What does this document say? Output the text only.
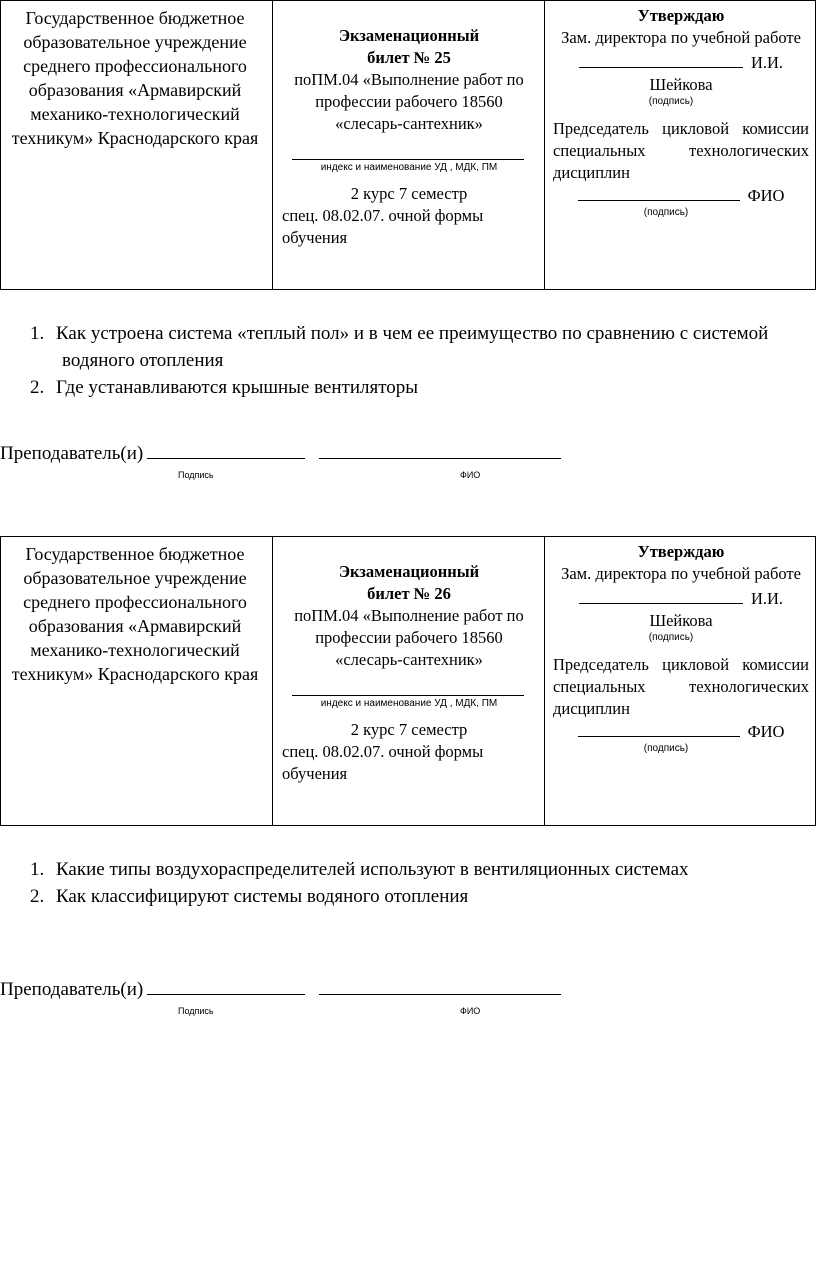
Государственное бюджетное образовательное учреждение среднего профессионального образования «Армавирский механико-технологический техникум» Краснодарского края
Экзаменационный
билет № 25
поПМ.04 «Выполнение работ по профессии рабочего 18560 «слесарь-сантехник»
индекс и наименование УД , МДК, ПМ
2 курс 7 семестр
спец. 08.02.07. очной формы обучения
Утверждаю
Зам. директора по учебной работе
И.И.
Шейкова
(подпись)
Председатель цикловой комиссии специальных технологических дисциплин
ФИО
(подпись)
1. Как устроена система «теплый пол» и в чем ее преимущество по сравнению с системой водяного отопления
2. Где устанавливаются крышные вентиляторы
Преподаватель(и)
Подпись	ФИО
Государственное бюджетное образовательное учреждение среднего профессионального образования «Армавирский механико-технологический техникум» Краснодарского края
Экзаменационный
билет № 26
поПМ.04 «Выполнение работ по профессии рабочего 18560 «слесарь-сантехник»
индекс и наименование УД , МДК, ПМ
2 курс 7 семестр
спец. 08.02.07. очной формы обучения
Утверждаю
Зам. директора по учебной работе
И.И.
Шейкова
(подпись)
Председатель цикловой комиссии специальных технологических дисциплин
ФИО
(подпись)
1. Какие типы воздухораспределителей используют в вентиляционных системах
2. Как классифицируют системы водяного отопления
Преподаватель(и)
Подпись	ФИО
